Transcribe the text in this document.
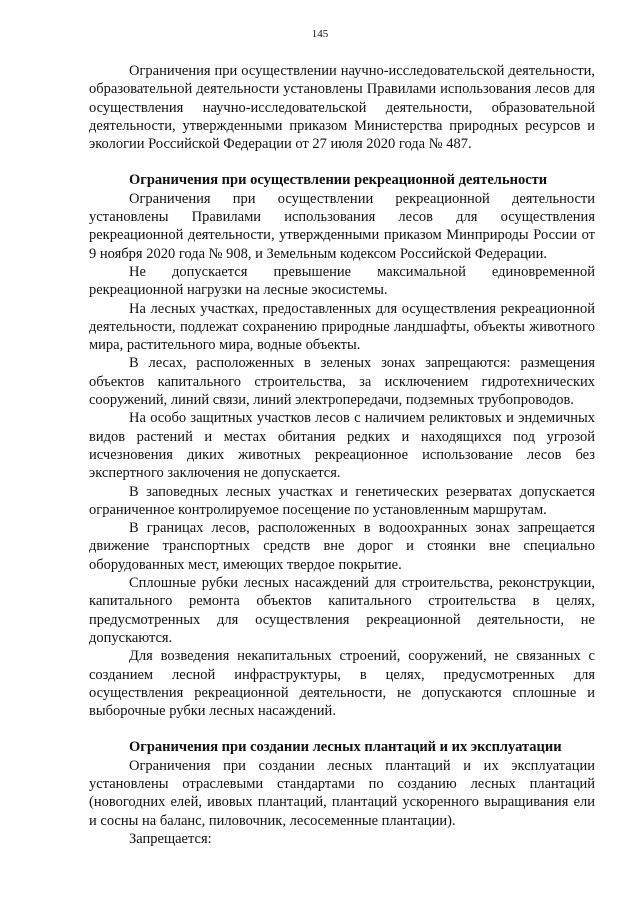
145

Ограничения при осуществлении научно-исследовательской деятельности, образовательной деятельности установлены Правилами использования лесов для осуществления научно-исследовательской деятельности, образовательной деятельности, утвержденными приказом Министерства природных ресурсов и экологии Российской Федерации от 27 июля 2020 года № 487.

Ограничения при осуществлении рекреационной деятельности

Ограничения при осуществлении рекреационной деятельности установлены Правилами использования лесов для осуществления рекреационной деятельности, утвержденными приказом Минприроды России от 9 ноября 2020 года № 908, и Земельным кодексом Российской Федерации.

Не допускается превышение максимальной единовременной рекреационной нагрузки на лесные экосистемы.

На лесных участках, предоставленных для осуществления рекреационной деятельности, подлежат сохранению природные ландшафты, объекты животного мира, растительного мира, водные объекты.

В лесах, расположенных в зеленых зонах запрещаются: размещения объектов капитального строительства, за исключением гидротехнических сооружений, линий связи, линий электропередачи, подземных трубопроводов.

На особо защитных участков лесов с наличием реликтовых и эндемичных видов растений и местах обитания редких и находящихся под угрозой исчезновения диких животных рекреационное использование лесов без экспертного заключения не допускается.

В заповедных лесных участках и генетических резерватах допускается ограниченное контролируемое посещение по установленным маршрутам.

В границах лесов, расположенных в водоохранных зонах запрещается движение транспортных средств вне дорог и стоянки вне специально оборудованных мест, имеющих твердое покрытие.

Сплошные рубки лесных насаждений для строительства, реконструкции, капитального ремонта объектов капитального строительства в целях, предусмотренных для осуществления рекреационной деятельности, не допускаются.

Для возведения некапитальных строений, сооружений, не связанных с созданием лесной инфраструктуры, в целях, предусмотренных для осуществления рекреационной деятельности, не допускаются сплошные и выборочные рубки лесных насаждений.

Ограничения при создании лесных плантаций и их эксплуатации

Ограничения при создании лесных плантаций и их эксплуатации установлены отраслевыми стандартами по созданию лесных плантаций (новогодних елей, ивовых плантаций, плантаций ускоренного выращивания ели и сосны на баланс, пиловочник, лесосеменные плантации).

Запрещается:
